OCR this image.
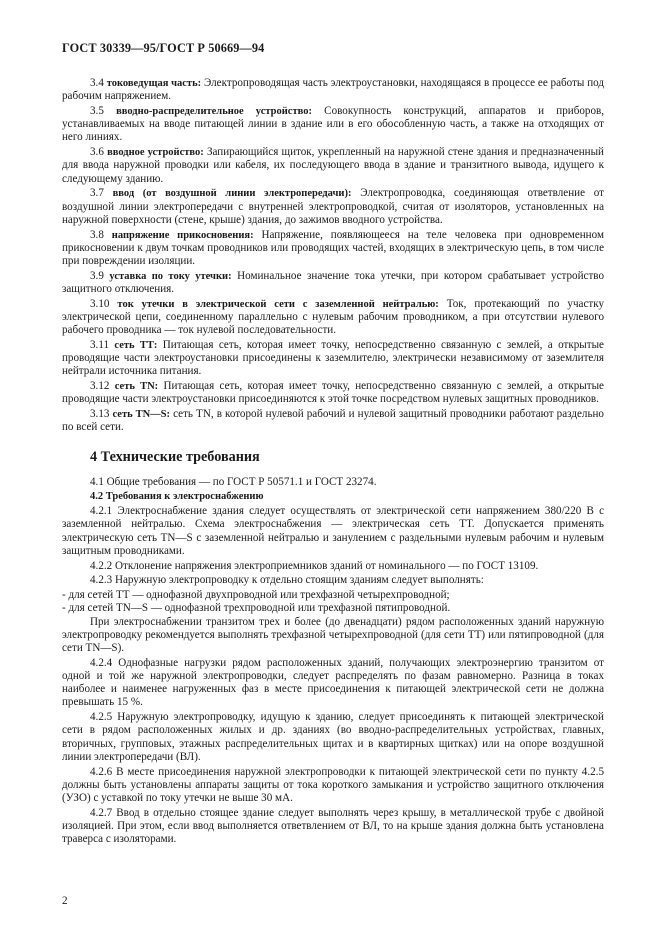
ГОСТ 30339—95/ГОСТ Р 50669—94

3.4 токоведущая часть: Электропроводящая часть электроустановки, находящаяся в процессе ее работы под рабочим напряжением.

3.5 вводно-распределительное устройство: Совокупность конструкций, аппаратов и приборов, устанавливаемых на вводе питающей линии в здание или в его обособленную часть, а также на отходящих от него линиях.

3.6 вводное устройство: Запирающийся щиток, укрепленный на наружной стене здания и предназначенный для ввода наружной проводки или кабеля, их последующего ввода в здание и транзитного вывода, идущего к следующему зданию.

3.7 ввод (от воздушной линии электропередачи): Электропроводка, соединяющая ответвление от воздушной линии электропередачи с внутренней электропроводкой, считая от изоляторов, установленных на наружной поверхности (стене, крыше) здания, до зажимов вводного устройства.

3.8 напряжение прикосновения: Напряжение, появляющееся на теле человека при одновременном прикосновении к двум точкам проводников или проводящих частей, входящих в электрическую цепь, в том числе при повреждении изоляции.

3.9 уставка по току утечки: Номинальное значение тока утечки, при котором срабатывает устройство защитного отключения.

3.10 ток утечки в электрической сети с заземленной нейтралью: Ток, протекающий по участку электрической цепи, соединенному параллельно с нулевым рабочим проводником, а при отсутствии нулевого рабочего проводника — ток нулевой последовательности.

3.11 сеть ТТ: Питающая сеть, которая имеет точку, непосредственно связанную с землей, а открытые проводящие части электроустановки присоединены к заземлителю, электрически независимому от заземлителя нейтрали источника питания.

3.12 сеть TN: Питающая сеть, которая имеет точку, непосредственно связанную с землей, а открытые проводящие части электроустановки присоединяются к этой точке посредством нулевых защитных проводников.

3.13 сеть TN—S: сеть TN, в которой нулевой рабочий и нулевой защитный проводники работают раздельно по всей сети.

4 Технические требования

4.1 Общие требования — по ГОСТ Р 50571.1 и ГОСТ 23274.

4.2 Требования к электроснабжению

4.2.1 Электроснабжение здания следует осуществлять от электрической сети напряжением 380/220 В с заземленной нейтралью. Схема электроснабжения — электрическая сеть ТТ. Допускается применять электрическую сеть TN—S с заземленной нейтралью и занулением с раздельными нулевым рабочим и нулевым защитным проводниками.

4.2.2 Отклонение напряжения электроприемников зданий от номинального — по ГОСТ 13109.

4.2.3 Наружную электропроводку к отдельно стоящим зданиям следует выполнять:

- для сетей ТТ — однофазной двухпроводной или трехфазной четырехпроводной;

- для сетей TN—S — однофазной трехпроводной или трехфазной пятипроводной.

При электроснабжении транзитом трех и более (до двенадцати) рядом расположенных зданий наружную электропроводку рекомендуется выполнять трехфазной четырехпроводной (для сети ТТ) или пятипроводной (для сети TN—S).

4.2.4 Однофазные нагрузки рядом расположенных зданий, получающих электроэнергию транзитом от одной и той же наружной электропроводки, следует распределять по фазам равномерно. Разница в токах наиболее и наименее нагруженных фаз в месте присоединения к питающей электрической сети не должна превышать 15 %.

4.2.5 Наружную электропроводку, идущую к зданию, следует присоединять к питающей электрической сети в рядом расположенных жилых и др. зданиях (во вводно-распределительных устройствах, главных, вторичных, групповых, этажных распределительных щитах и в квартирных щитках) или на опоре воздушной линии электропередачи (ВЛ).

4.2.6 В месте присоединения наружной электропроводки к питающей электрической сети по пункту 4.2.5 должны быть установлены аппараты защиты от тока короткого замыкания и устройство защитного отключения (УЗО) с уставкой по току утечки не выше 30 мА.

4.2.7 Ввод в отдельно стоящее здание следует выполнять через крышу, в металлической трубе с двойной изоляцией. При этом, если ввод выполняется ответвлением от ВЛ, то на крыше здания должна быть установлена траверса с изоляторами.

2
